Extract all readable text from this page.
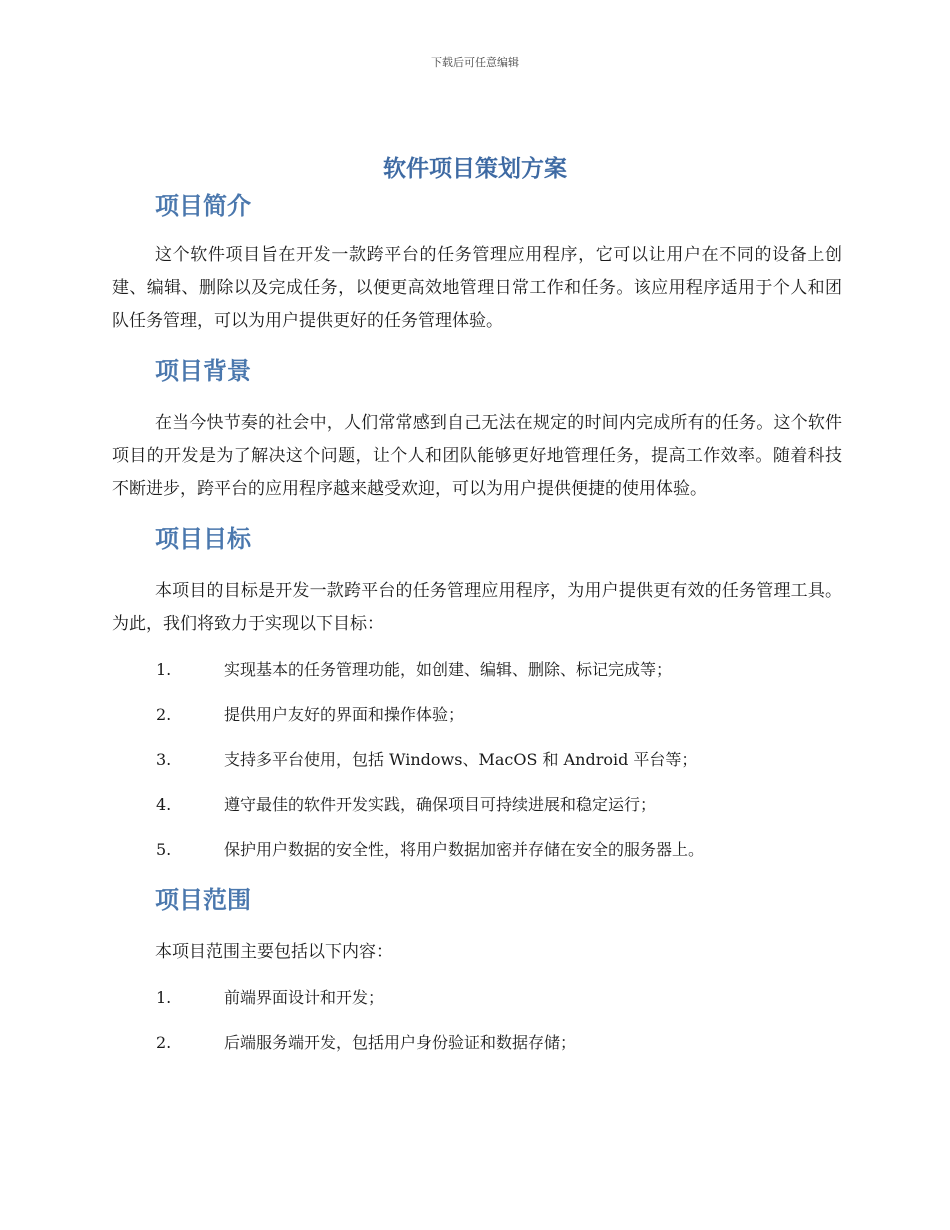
下载后可任意编辑
软件项目策划方案
项目简介

这个软件项目旨在开发一款跨平台的任务管理应用程序，它可以让用户在不同的设备上创建、编辑、删除以及完成任务，以便更高效地管理日常工作和任务。该应用程序适用于个人和团队任务管理，可以为用户提供更好的任务管理体验。

项目背景

在当今快节奏的社会中，人们常常感到自己无法在规定的时间内完成所有的任务。这个软件项目的开发是为了解决这个问题，让个人和团队能够更好地管理任务，提高工作效率。随着科技不断进步，跨平台的应用程序越来越受欢迎，可以为用户提供便捷的使用体验。

项目目标

本项目的目标是开发一款跨平台的任务管理应用程序，为用户提供更有效的任务管理工具。为此，我们将致力于实现以下目标：

1.	实现基本的任务管理功能，如创建、编辑、删除、标记完成等；
2.	提供用户友好的界面和操作体验；
3.	支持多平台使用，包括 Windows、MacOS 和 Android 平台等；
4.	遵守最佳的软件开发实践，确保项目可持续进展和稳定运行；
5.	保护用户数据的安全性，将用户数据加密并存储在安全的服务器上。
项目范围

本项目范围主要包括以下内容：

1.	前端界面设计和开发；
2.	后端服务端开发，包括用户身份验证和数据存储；
